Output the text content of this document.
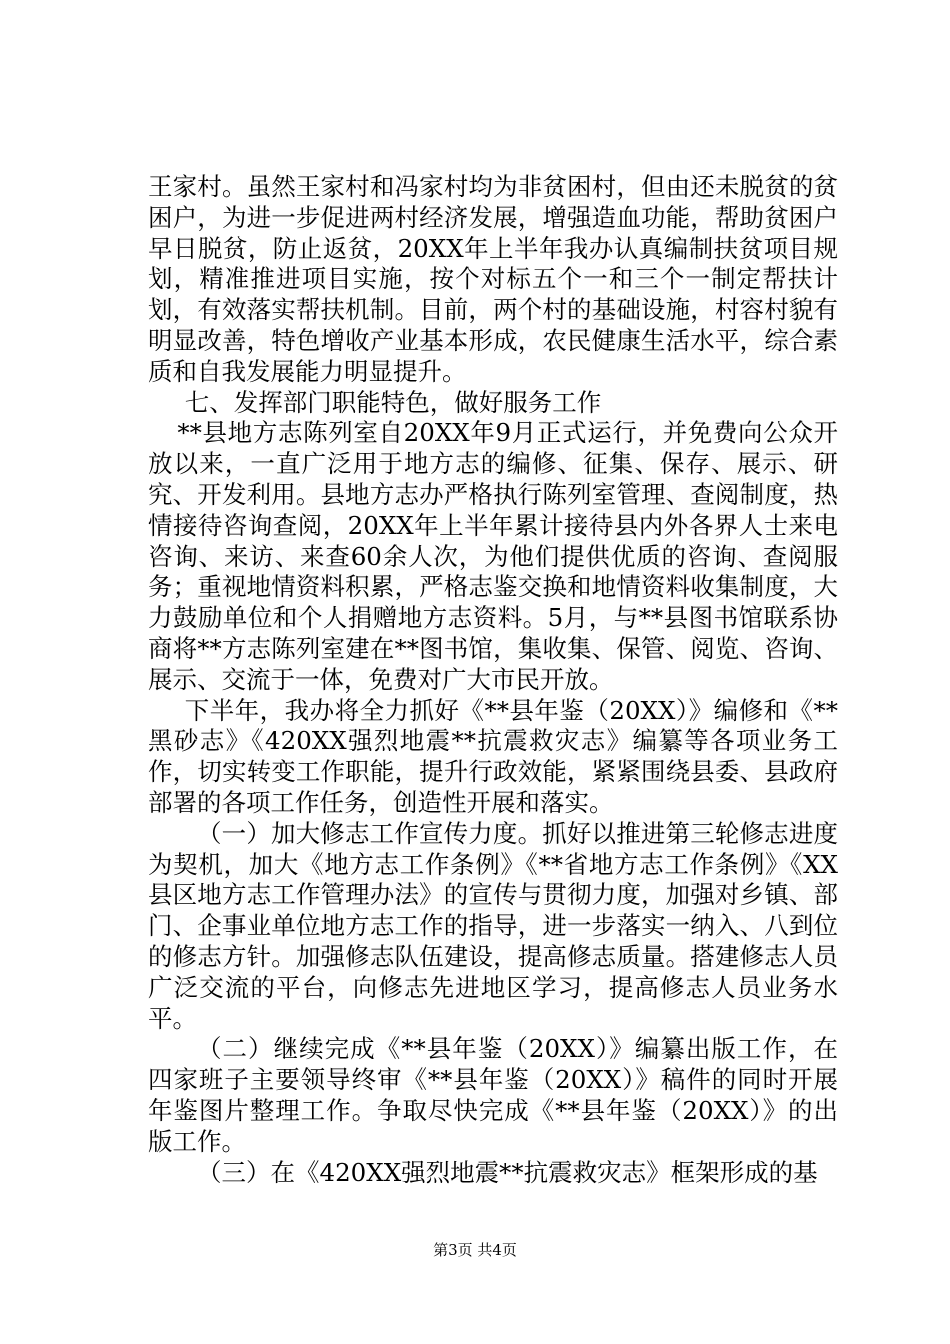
王家村。虽然王家村和冯家村均为非贫困村，但由还未脱贫的贫困户，为进一步促进两村经济发展，增强造血功能，帮助贫困户早日脱贫，防止返贫，20XX年上半年我办认真编制扶贫项目规划，精准推进项目实施，按个对标五个一和三个一制定帮扶计划，有效落实帮扶机制。目前，两个村的基础设施，村容村貌有明显改善，特色增收产业基本形成，农民健康生活水平，综合素质和自我发展能力明显提升。

七、发挥部门职能特色，做好服务工作

**县地方志陈列室自20XX年9月正式运行，并免费向公众开放以来，一直广泛用于地方志的编修、征集、保存、展示、研究、开发利用。县地方志办严格执行陈列室管理、查阅制度，热情接待咨询查阅，20XX年上半年累计接待县内外各界人士来电咨询、来访、来查60余人次，为他们提供优质的咨询、查阅服务；重视地情资料积累，严格志鉴交换和地情资料收集制度，大力鼓励单位和个人捐赠地方志资料。5月，与**县图书馆联系协商将**方志陈列室建在**图书馆，集收集、保管、阅览、咨询、展示、交流于一体，免费对广大市民开放。

下半年，我办将全力抓好《**县年鉴（20XX）》编修和《**黑砂志》《420XX强烈地震**抗震救灾志》编纂等各项业务工作，切实转变工作职能，提升行政效能，紧紧围绕县委、县政府部署的各项工作任务，创造性开展和落实。

（一）加大修志工作宣传力度。抓好以推进第三轮修志进度为契机，加大《地方志工作条例》《**省地方志工作条例》《XX县区地方志工作管理办法》的宣传与贯彻力度，加强对乡镇、部门、企事业单位地方志工作的指导，进一步落实一纳入、八到位的修志方针。加强修志队伍建设，提高修志质量。搭建修志人员广泛交流的平台，向修志先进地区学习，提高修志人员业务水平。

（二）继续完成《**县年鉴（20XX）》编纂出版工作，在四家班子主要领导终审《**县年鉴（20XX）》稿件的同时开展年鉴图片整理工作。争取尽快完成《**县年鉴（20XX）》的出版工作。

（三）在《420XX强烈地震**抗震救灾志》框架形成的基

第3页 共4页
